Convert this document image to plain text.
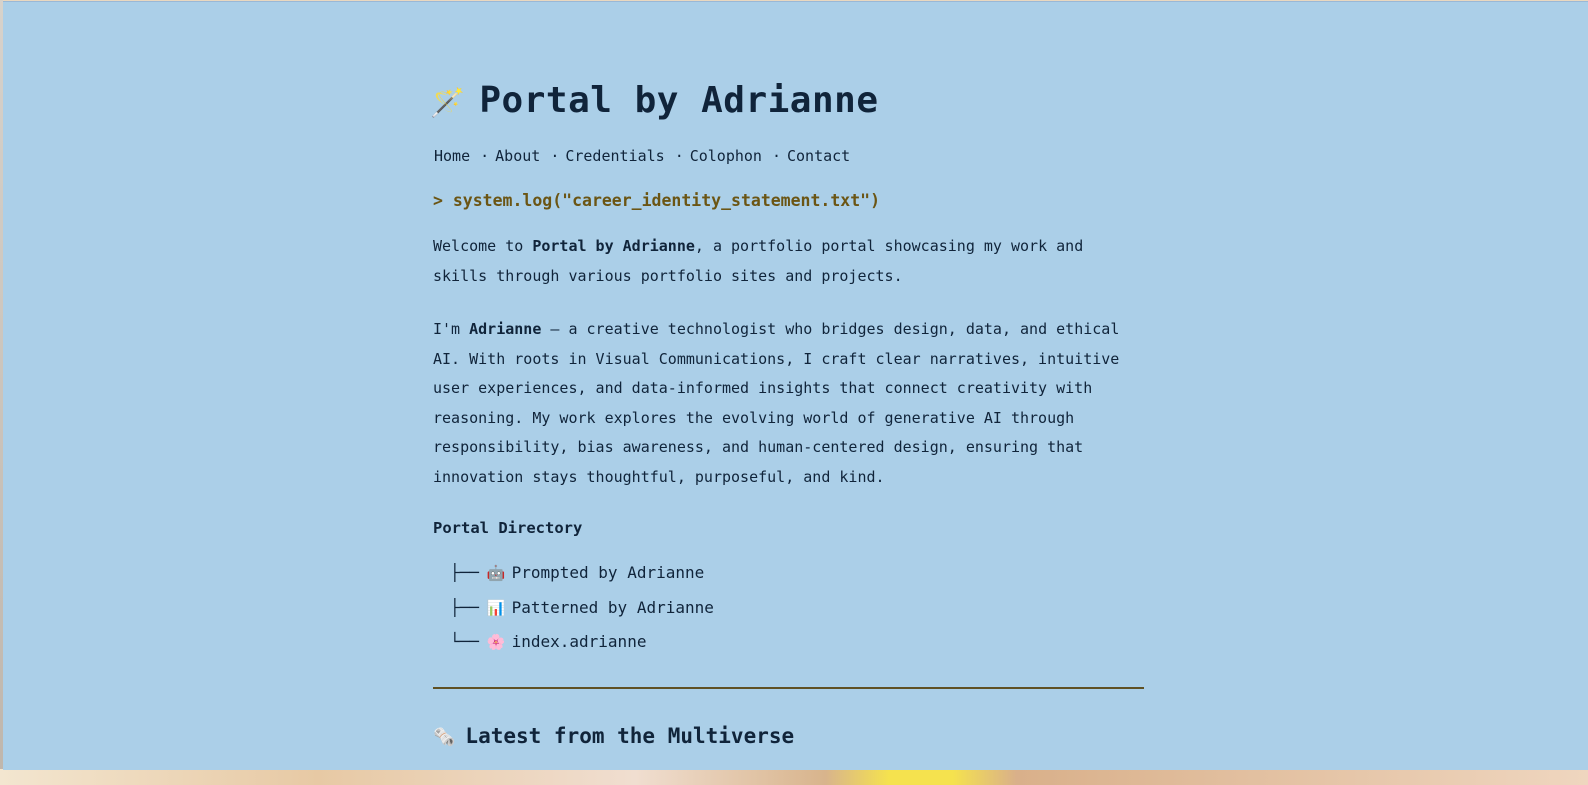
🪄 Portal by Adrianne
Home · About · Credentials · Colophon · Contact
> system.log("career_identity_statement.txt")

Welcome to Portal by Adrianne, a portfolio portal showcasing my work and skills through various portfolio sites and projects.

I'm Adrianne — a creative technologist who bridges design, data, and ethical AI. With roots in Visual Communications, I craft clear narratives, intuitive user experiences, and data-informed insights that connect creativity with reasoning. My work explores the evolving world of generative AI through responsibility, bias awareness, and human-centered design, ensuring that innovation stays thoughtful, purposeful, and kind.

Portal Directory
├── 🤖 Prompted by Adrianne
├── 📊 Patterned by Adrianne
└── 🌸 index.adrianne
🗞️ Latest from the Multiverse
